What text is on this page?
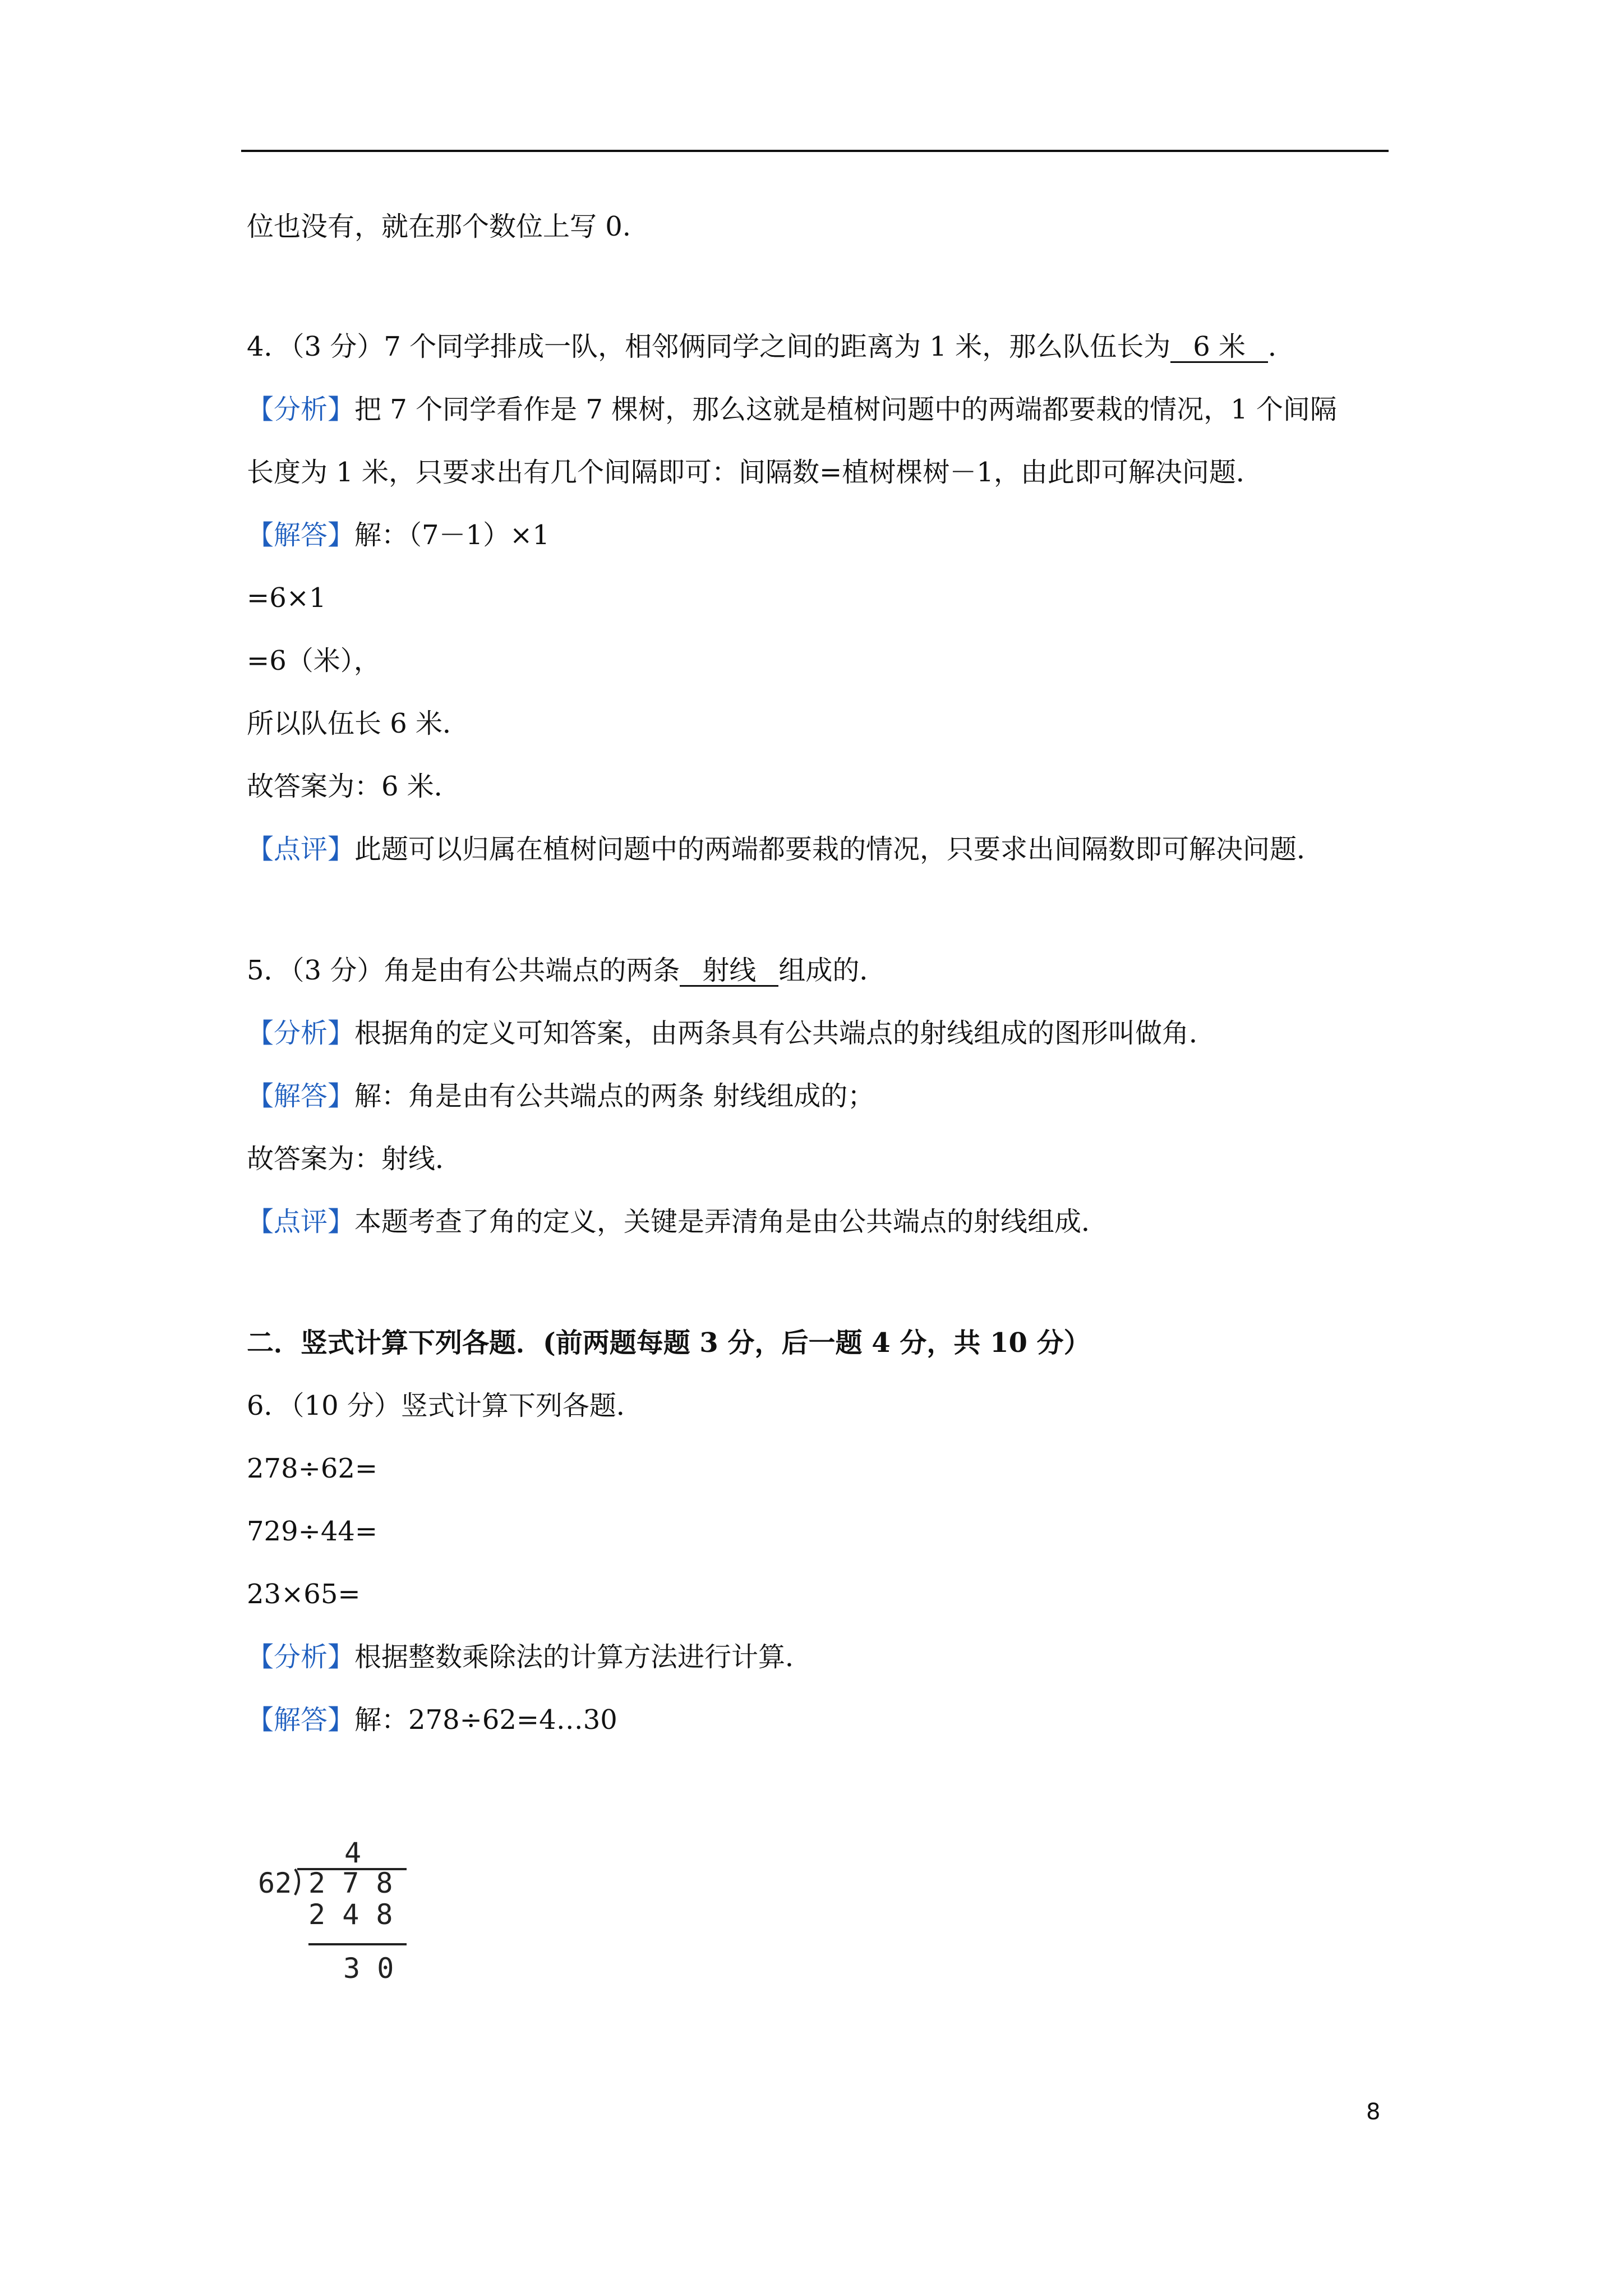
位也没有，就在那个数位上写 0.
4．（3 分）7 个同学排成一队，相邻俩同学之间的距离为 1 米，那么队伍长为 6 米 ．
【分析】把 7 个同学看作是 7 棵树，那么这就是植树问题中的两端都要栽的情况，1 个间隔
长度为 1 米，只要求出有几个间隔即可：间隔数=植树棵树－1，由此即可解决问题．
【解答】解：（7－1）×1
=6×1
=6（米），
所以队伍长 6 米．
故答案为：6 米．
【点评】此题可以归属在植树问题中的两端都要栽的情况，只要求出间隔数即可解决问题．
5．（3 分）角是由有公共端点的两条 射线 组成的．
【分析】根据角的定义可知答案，由两条具有公共端点的射线组成的图形叫做角．
【解答】解：角是由有公共端点的两条 射线组成的；
故答案为：射线．
【点评】本题考查了角的定义，关键是弄清角是由公共端点的射线组成．
二．竖式计算下列各题．(前两题每题 3 分，后一题 4 分，共 10 分）
6．（10 分）竖式计算下列各题．
278÷62=
729÷44=
23×65=
【分析】根据整数乘除法的计算方法进行计算．
【解答】解：278÷62=4…30
4
62 2 7 8
2 4 8
3 0
8
